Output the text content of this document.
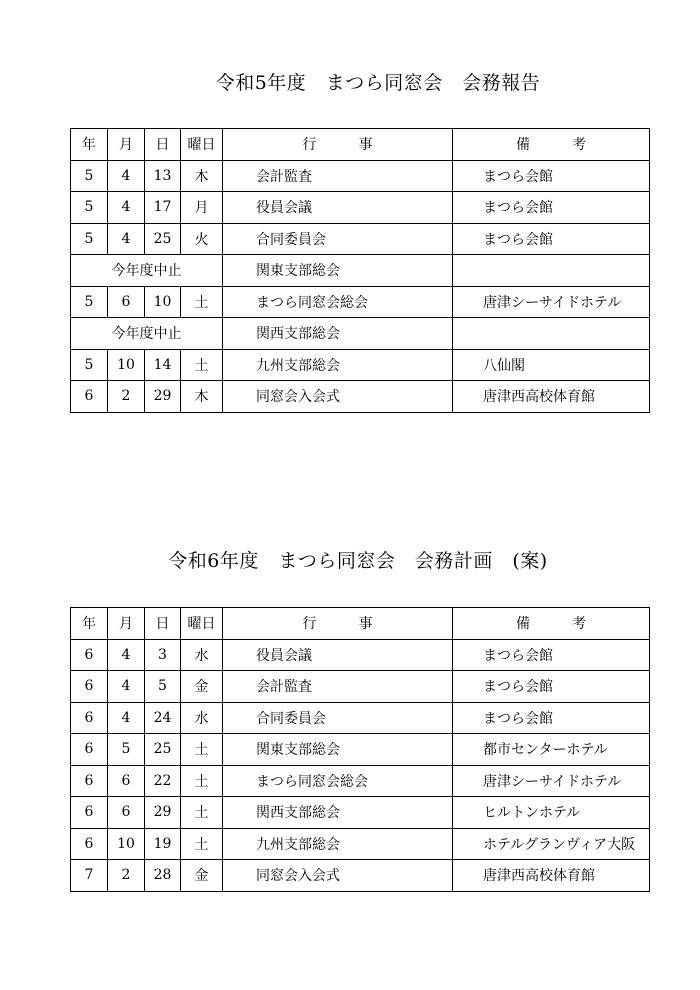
令和5年度　まつら同窓会　会務報告
年	月	日	曜日	行　　　事	備　　　考
5	4	13	木	会計監査	まつら会館
5	4	17	月	役員会議	まつら会館
5	4	25	火	合同委員会	まつら会館
今年度中止				関東支部総会	
5	6	10	土	まつら同窓会総会	唐津シーサイドホテル
今年度中止				関西支部総会	
5	10	14	土	九州支部総会	八仙閣
6	2	29	木	同窓会入会式	唐津西高校体育館
令和6年度　まつら同窓会　会務計画　(案)
年	月	日	曜日	行　　　事	備　　　考
6	4	3	水	役員会議	まつら会館
6	4	5	金	会計監査	まつら会館
6	4	24	水	合同委員会	まつら会館
6	5	25	土	関東支部総会	都市センターホテル
6	6	22	土	まつら同窓会総会	唐津シーサイドホテル
6	6	29	土	関西支部総会	ヒルトンホテル
6	10	19	土	九州支部総会	ホテルグランヴィア大阪
7	2	28	金	同窓会入会式	唐津西高校体育館
